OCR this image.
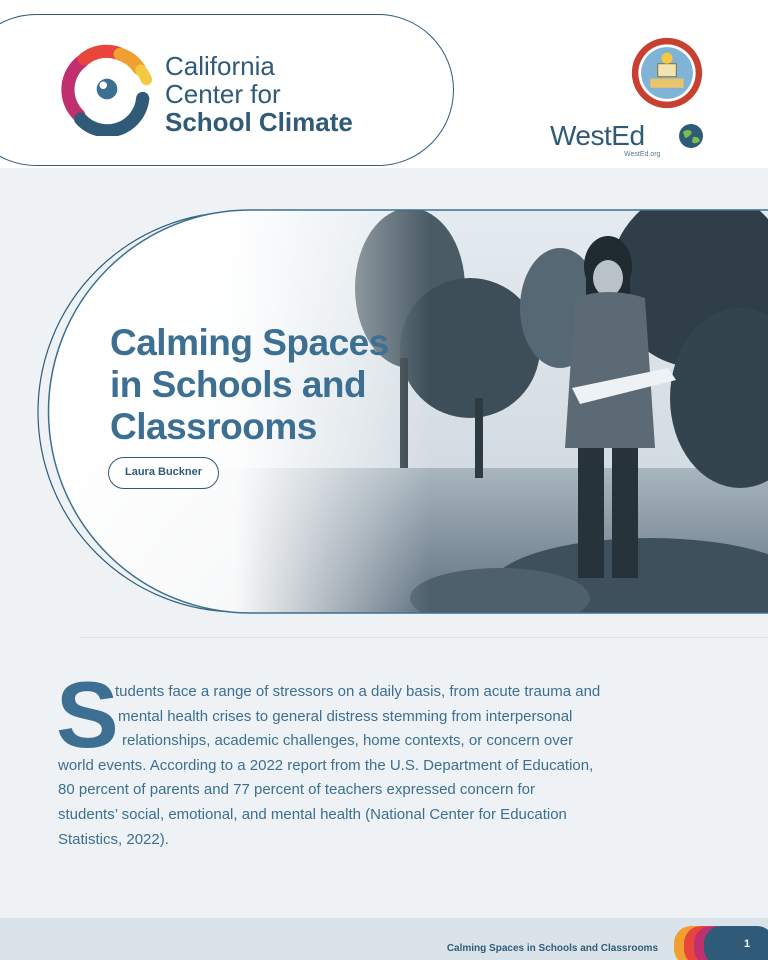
California
Center for
School Climate	WestEd
WestEd.org
Calming Spaces
in Schools and
Classrooms
Laura Buckner
S
tudents face a range of stressors on a daily basis, from acute trauma and
mental health crises to general distress stemming from interpersonal
relationships, academic challenges, home contexts, or concern over
world events. According to a 2022 report from the U.S. Department of Education,
80 percent of parents and 77 percent of teachers expressed concern for
students’ social, emotional, and mental health (National Center for Education
Statistics, 2022).
Calming Spaces in Schools and Classrooms	1
